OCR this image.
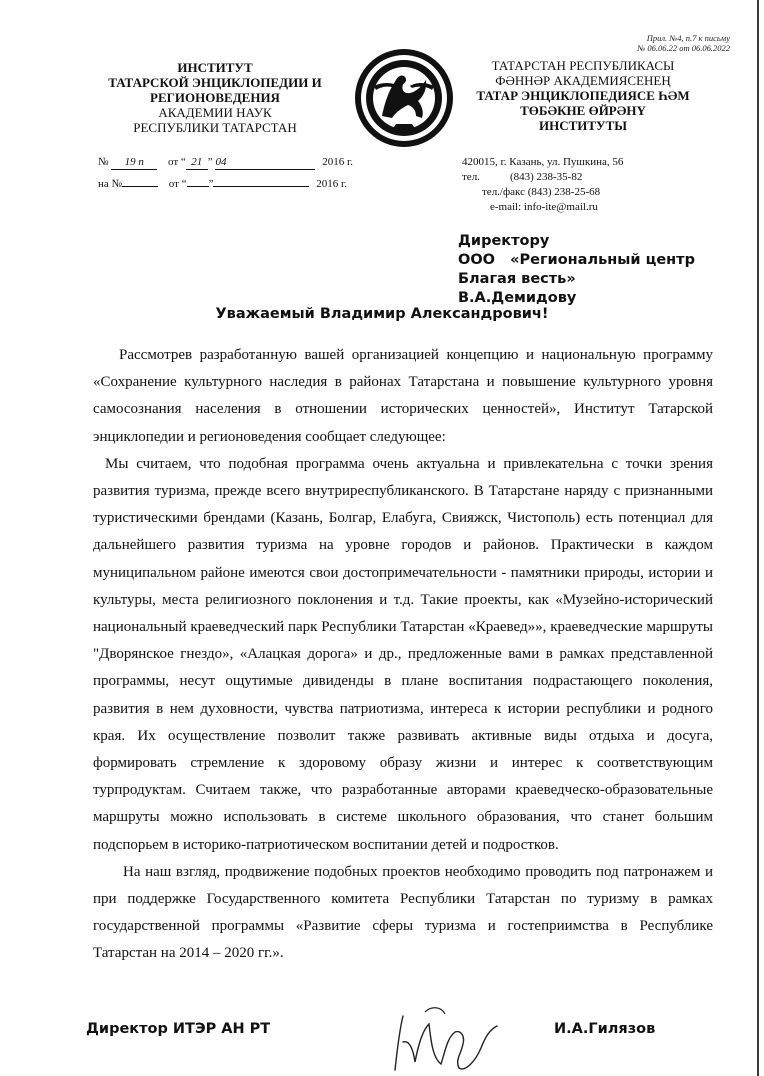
Прил. №4, п.7 к письму
№ 06.06.22 от 06.06.2022
ИНСТИТУТ
ТАТАРСКОЙ ЭНЦИКЛОПЕДИИ И
РЕГИОНОВЕДЕНИЯ
АКАДЕМИИ НАУК
РЕСПУБЛИКИ ТАТАРСТАН
ТАТАРСТАН РЕСПУБЛИКАСЫ
ФӘННӘР АКАДЕМИЯСЕНЕҢ
ТАТАР ЭНЦИКЛОПЕДИЯСЕ ҺӘМ
ТӨБӘКНЕ ӨЙРӘНҮ
ИНСТИТУТЫ
№ 19 п от “ 21 ” 04	2016 г.
на №	от “ ”	2016 г.
420015, г. Казань, ул. Пушкина, 56
тел.	(843) 238-35-82
тел./факс (843) 238-25-68
e-mail: info-ite@mail.ru
Директору
ООО   «Региональный центр
Благая весть»
В.А.Демидову
Уважаемый Владимир Александрович!

Рассмотрев разработанную вашей организацией концепцию и национальную программу «Сохранение культурного наследия в районах Татарстана и повышение культурного уровня самосознания населения в отношении исторических ценностей», Институт Татарской энциклопедии и регионоведения сообщает следующее:

Мы считаем, что подобная программа очень актуальна и привлекательна с точки зрения развития туризма, прежде всего внутриреспубликанского. В Татарстане наряду с признанными туристическими брендами (Казань, Болгар, Елабуга, Свияжск, Чистополь) есть потенциал для дальнейшего развития туризма на уровне городов и районов. Практически в каждом муниципальном районе имеются свои достопримечательности - памятники природы, истории и культуры, места религиозного поклонения и т.д. Такие проекты, как «Музейно-исторический национальный краеведческий парк Республики Татарстан «Краевед»», краеведческие маршруты "Дворянское гнездо», «Алацкая дорога» и др., предложенные вами в рамках представленной программы, несут ощутимые дивиденды в плане воспитания подрастающего поколения, развития в нем духовности, чувства патриотизма, интереса к истории республики и родного края. Их осуществление позволит также развивать активные виды отдыха и досуга, формировать стремление к здоровому образу жизни и интерес к соответствующим турпродуктам. Считаем также, что разработанные авторами краеведческо-образовательные маршруты можно использовать в системе школьного образования, что станет большим подспорьем в историко-патриотическом воспитании детей и подростков.

На наш взгляд, продвижение подобных проектов необходимо проводить под патронажем и при поддержке Государственного комитета Республики Татарстан по туризму в рамках государственной программы «Развитие сферы туризма и гостеприимства в Республике Татарстан на 2014 – 2020 гг.».

Директор ИТЭР АН РТ	И.А.Гилязов
